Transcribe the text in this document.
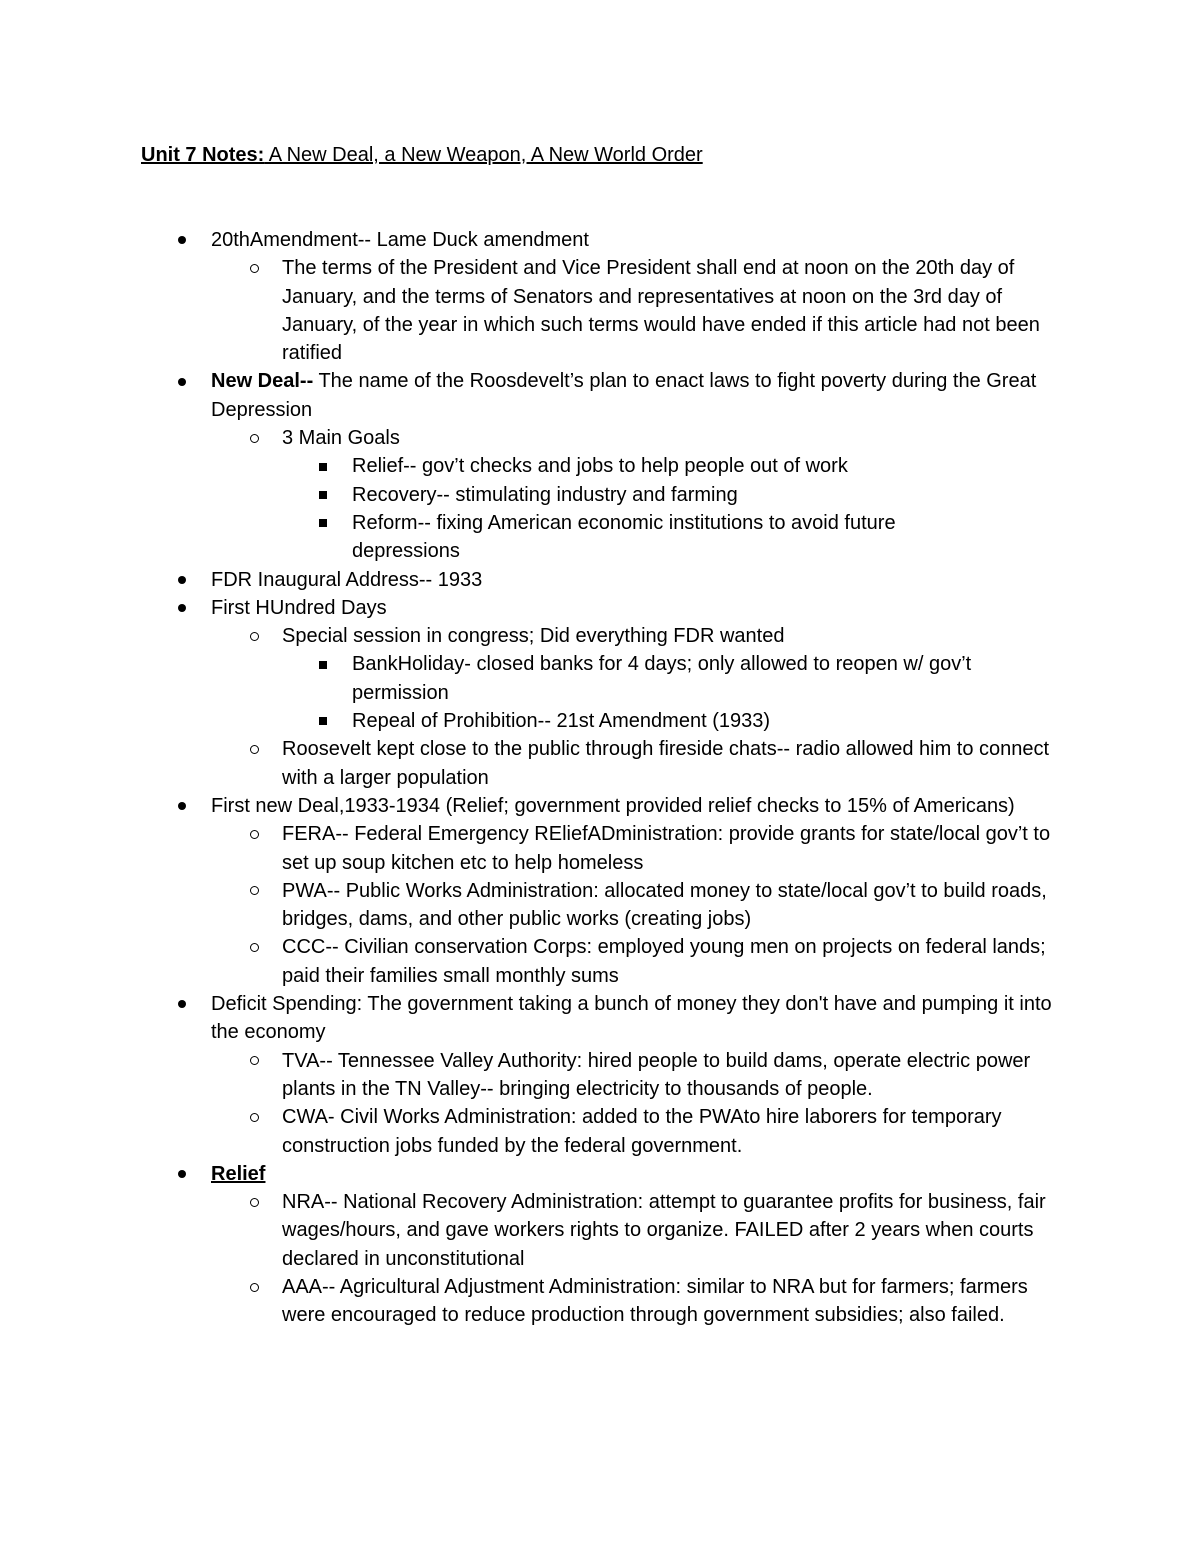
Unit 7 Notes: A New Deal, a New Weapon, A New World Order
20thAmendment-- Lame Duck amendment
The terms of the President and Vice President shall end at noon on the 20th day of January, and the terms of Senators and representatives at noon on the 3rd day of January, of the year in which such terms would have ended if this article had not been ratified
New Deal-- The name of the Roosdevelt’s plan to enact laws to fight poverty during the Great Depression
3 Main Goals
Relief-- gov’t checks and jobs to help people out of work
Recovery-- stimulating industry and farming
Reform-- fixing American economic institutions to avoid future depressions
FDR Inaugural Address-- 1933
First HUndred Days
Special session in congress; Did everything FDR wanted
BankHoliday- closed banks for 4 days; only allowed to reopen w/ gov’t permission
Repeal of Prohibition-- 21st Amendment (1933)
Roosevelt kept close to the public through fireside chats-- radio allowed him to connect with a larger population
First new Deal,1933-1934 (Relief; government provided relief checks to 15% of Americans)
FERA-- Federal Emergency REliefADministration: provide grants for state/local gov’t to set up soup kitchen etc to help homeless
PWA-- Public Works Administration: allocated money to state/local gov’t to build roads, bridges, dams, and other public works (creating jobs)
CCC-- Civilian conservation Corps: employed young men on projects on federal lands; paid their families small monthly sums
Deficit Spending: The government taking a bunch of money they don't have and pumping it into the economy
TVA-- Tennessee Valley Authority: hired people to build dams, operate electric power plants in the TN Valley-- bringing electricity to thousands of people.
CWA- Civil Works Administration: added to the PWAto hire laborers for temporary construction jobs funded by the federal government.
Relief
NRA-- National Recovery Administration: attempt to guarantee profits for business, fair wages/hours, and gave workers rights to organize. FAILED after 2 years when courts declared in unconstitutional
AAA-- Agricultural Adjustment Administration: similar to NRA but for farmers; farmers were encouraged to reduce production through government subsidies; also failed.
